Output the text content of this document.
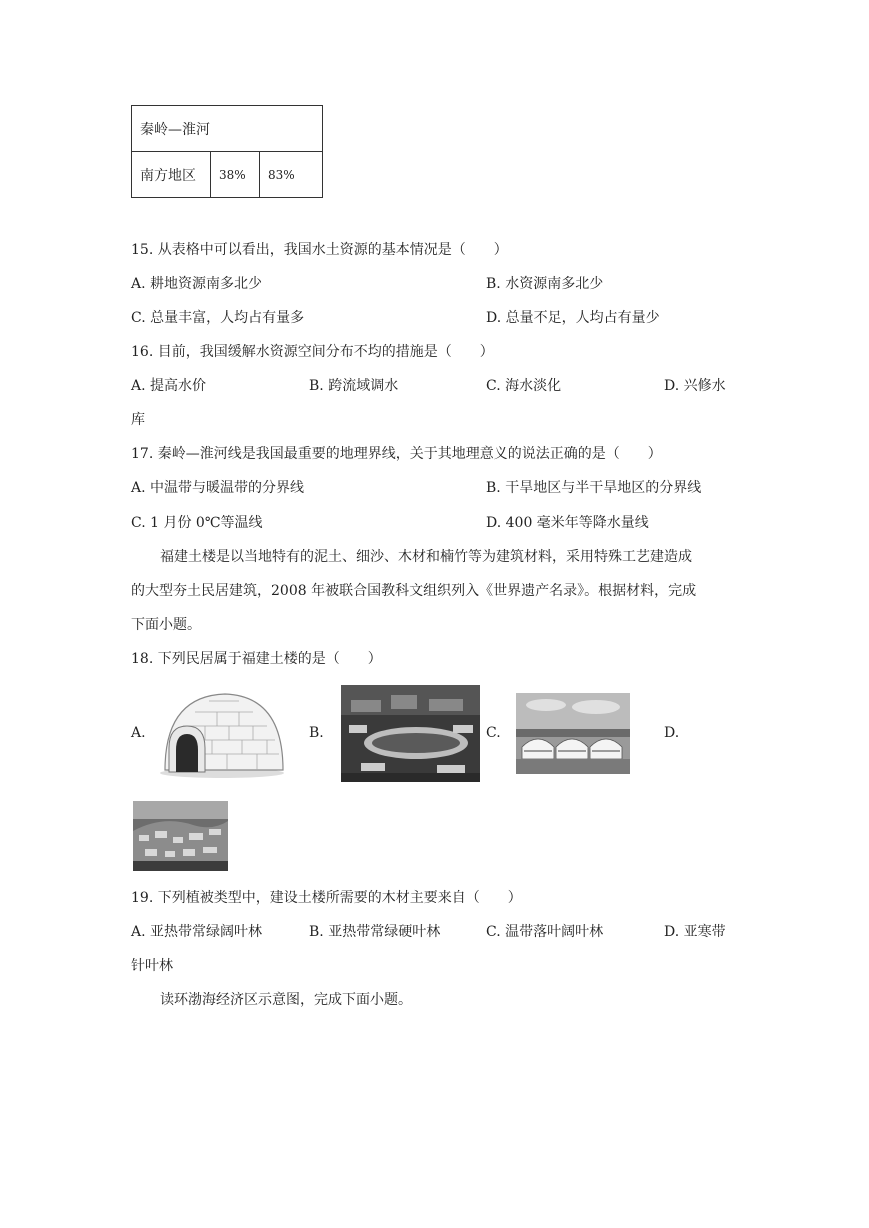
秦岭—淮河
南方地区	38%	83%
15. 从表格中可以看出，我国水土资源的基本情况是（　　）
A. 耕地资源南多北少	B. 水资源南多北少
C. 总量丰富，人均占有量多	D. 总量不足，人均占有量少
16. 目前，我国缓解水资源空间分布不均的措施是（　　）
A. 提高水价	B. 跨流域调水	C. 海水淡化	D. 兴修水
库
17. 秦岭—淮河线是我国最重要的地理界线，关于其地理意义的说法正确的是（　　）
A. 中温带与暖温带的分界线	B. 干旱地区与半干旱地区的分界线
C. 1 月份 0℃等温线	D. 400 毫米年等降水量线
福建土楼是以当地特有的泥土、细沙、木材和楠竹等为建筑材料，采用特殊工艺建造成
的大型夯土民居建筑，2008 年被联合国教科文组织列入《世界遗产名录》。根据材料，完成
下面小题。
18. 下列民居属于福建土楼的是（　　）
A.	B.	C.	D.
19. 下列植被类型中，建设土楼所需要的木材主要来自（　　）
A. 亚热带常绿阔叶林	B. 亚热带常绿硬叶林	C. 温带落叶阔叶林	D. 亚寒带
针叶林
读环渤海经济区示意图，完成下面小题。
